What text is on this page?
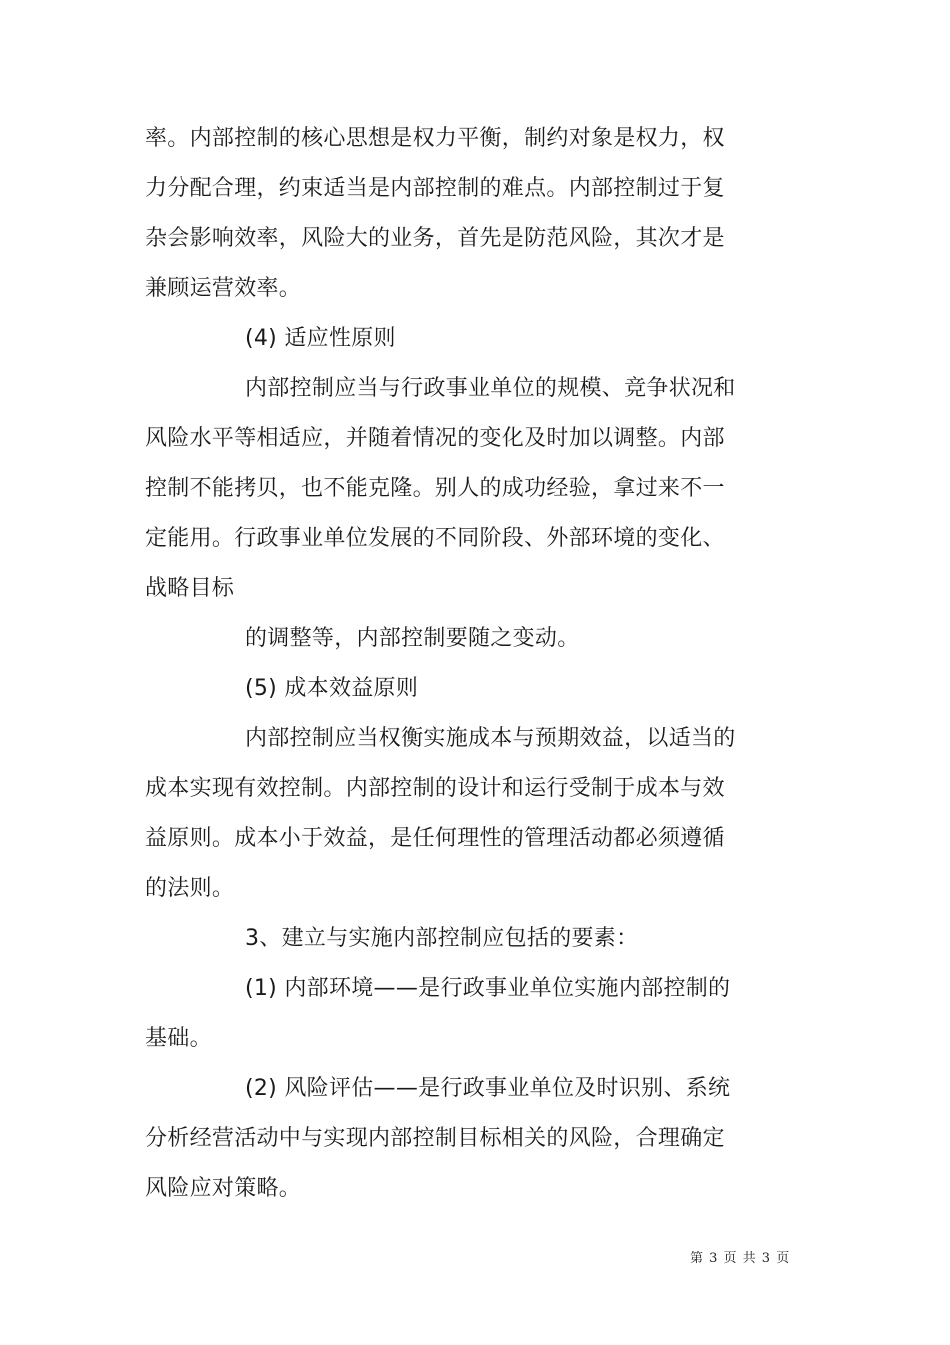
率。内部控制的核心思想是权力平衡，制约对象是权力，权
力分配合理，约束适当是内部控制的难点。内部控制过于复
杂会影响效率，风险大的业务，首先是防范风险，其次才是
兼顾运营效率。
(4) 适应性原则
内部控制应当与行政事业单位的规模、竞争状况和
风险水平等相适应，并随着情况的变化及时加以调整。内部
控制不能拷贝，也不能克隆。别人的成功经验，拿过来不一
定能用。行政事业单位发展的不同阶段、外部环境的变化、
战略目标
的调整等，内部控制要随之变动。
(5) 成本效益原则
内部控制应当权衡实施成本与预期效益，以适当的
成本实现有效控制。内部控制的设计和运行受制于成本与效
益原则。成本小于效益，是任何理性的管理活动都必须遵循
的法则。
3、建立与实施内部控制应包括的要素：
(1) 内部环境——是行政事业单位实施内部控制的
基础。
(2) 风险评估——是行政事业单位及时识别、系统
分析经营活动中与实现内部控制目标相关的风险，合理确定
风险应对策略。
第 3 页 共 3 页
